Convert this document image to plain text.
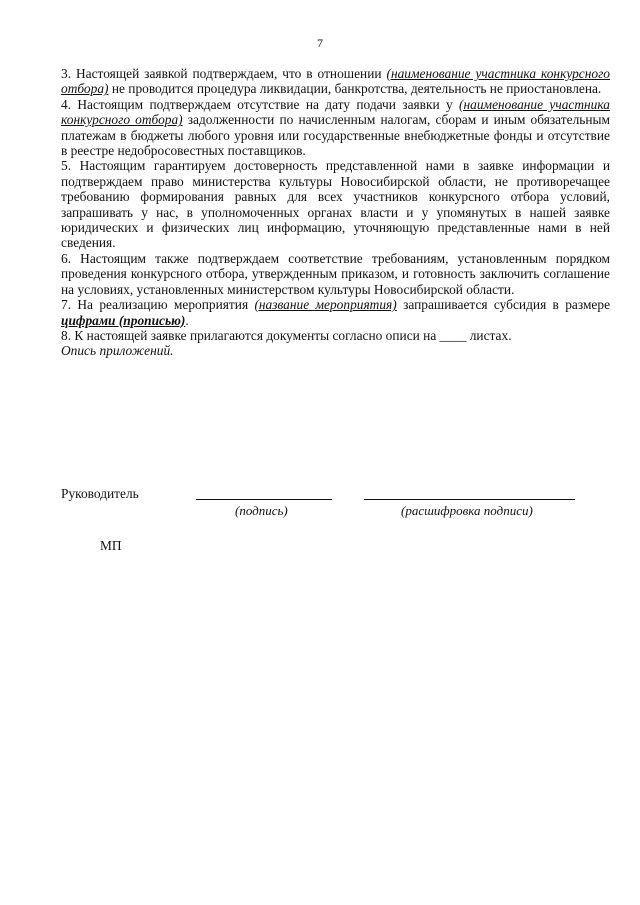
7

3. Настоящей заявкой подтверждаем, что в отношении (наименование участника конкурсного отбора) не проводится процедура ликвидации, банкротства, деятельность не приостановлена.

4. Настоящим подтверждаем отсутствие на дату подачи заявки у (наименование участника конкурсного отбора) задолженности по начисленным налогам, сборам и иным обязательным платежам в бюджеты любого уровня или государственные внебюджетные фонды и отсутствие в реестре недобросовестных поставщиков.

5. Настоящим гарантируем достоверность представленной нами в заявке информации и подтверждаем право министерства культуры Новосибирской области, не противоречащее требованию формирования равных для всех участников конкурсного отбора условий, запрашивать у нас, в уполномоченных органах власти и у упомянутых в нашей заявке юридических и физических лиц информацию, уточняющую представленные нами в ней сведения.

6. Настоящим также подтверждаем соответствие требованиям, установленным порядком проведения конкурсного отбора, утвержденным приказом, и готовность заключить соглашение на условиях, установленных министерством культуры Новосибирской области.

7. На реализацию мероприятия (название мероприятия) запрашивается субсидия в размере цифрами (прописью).

8. К настоящей заявке прилагаются документы согласно описи на ____ листах.

Опись приложений.

Руководитель
(подпись)	(расшифровка подписи)
МП
